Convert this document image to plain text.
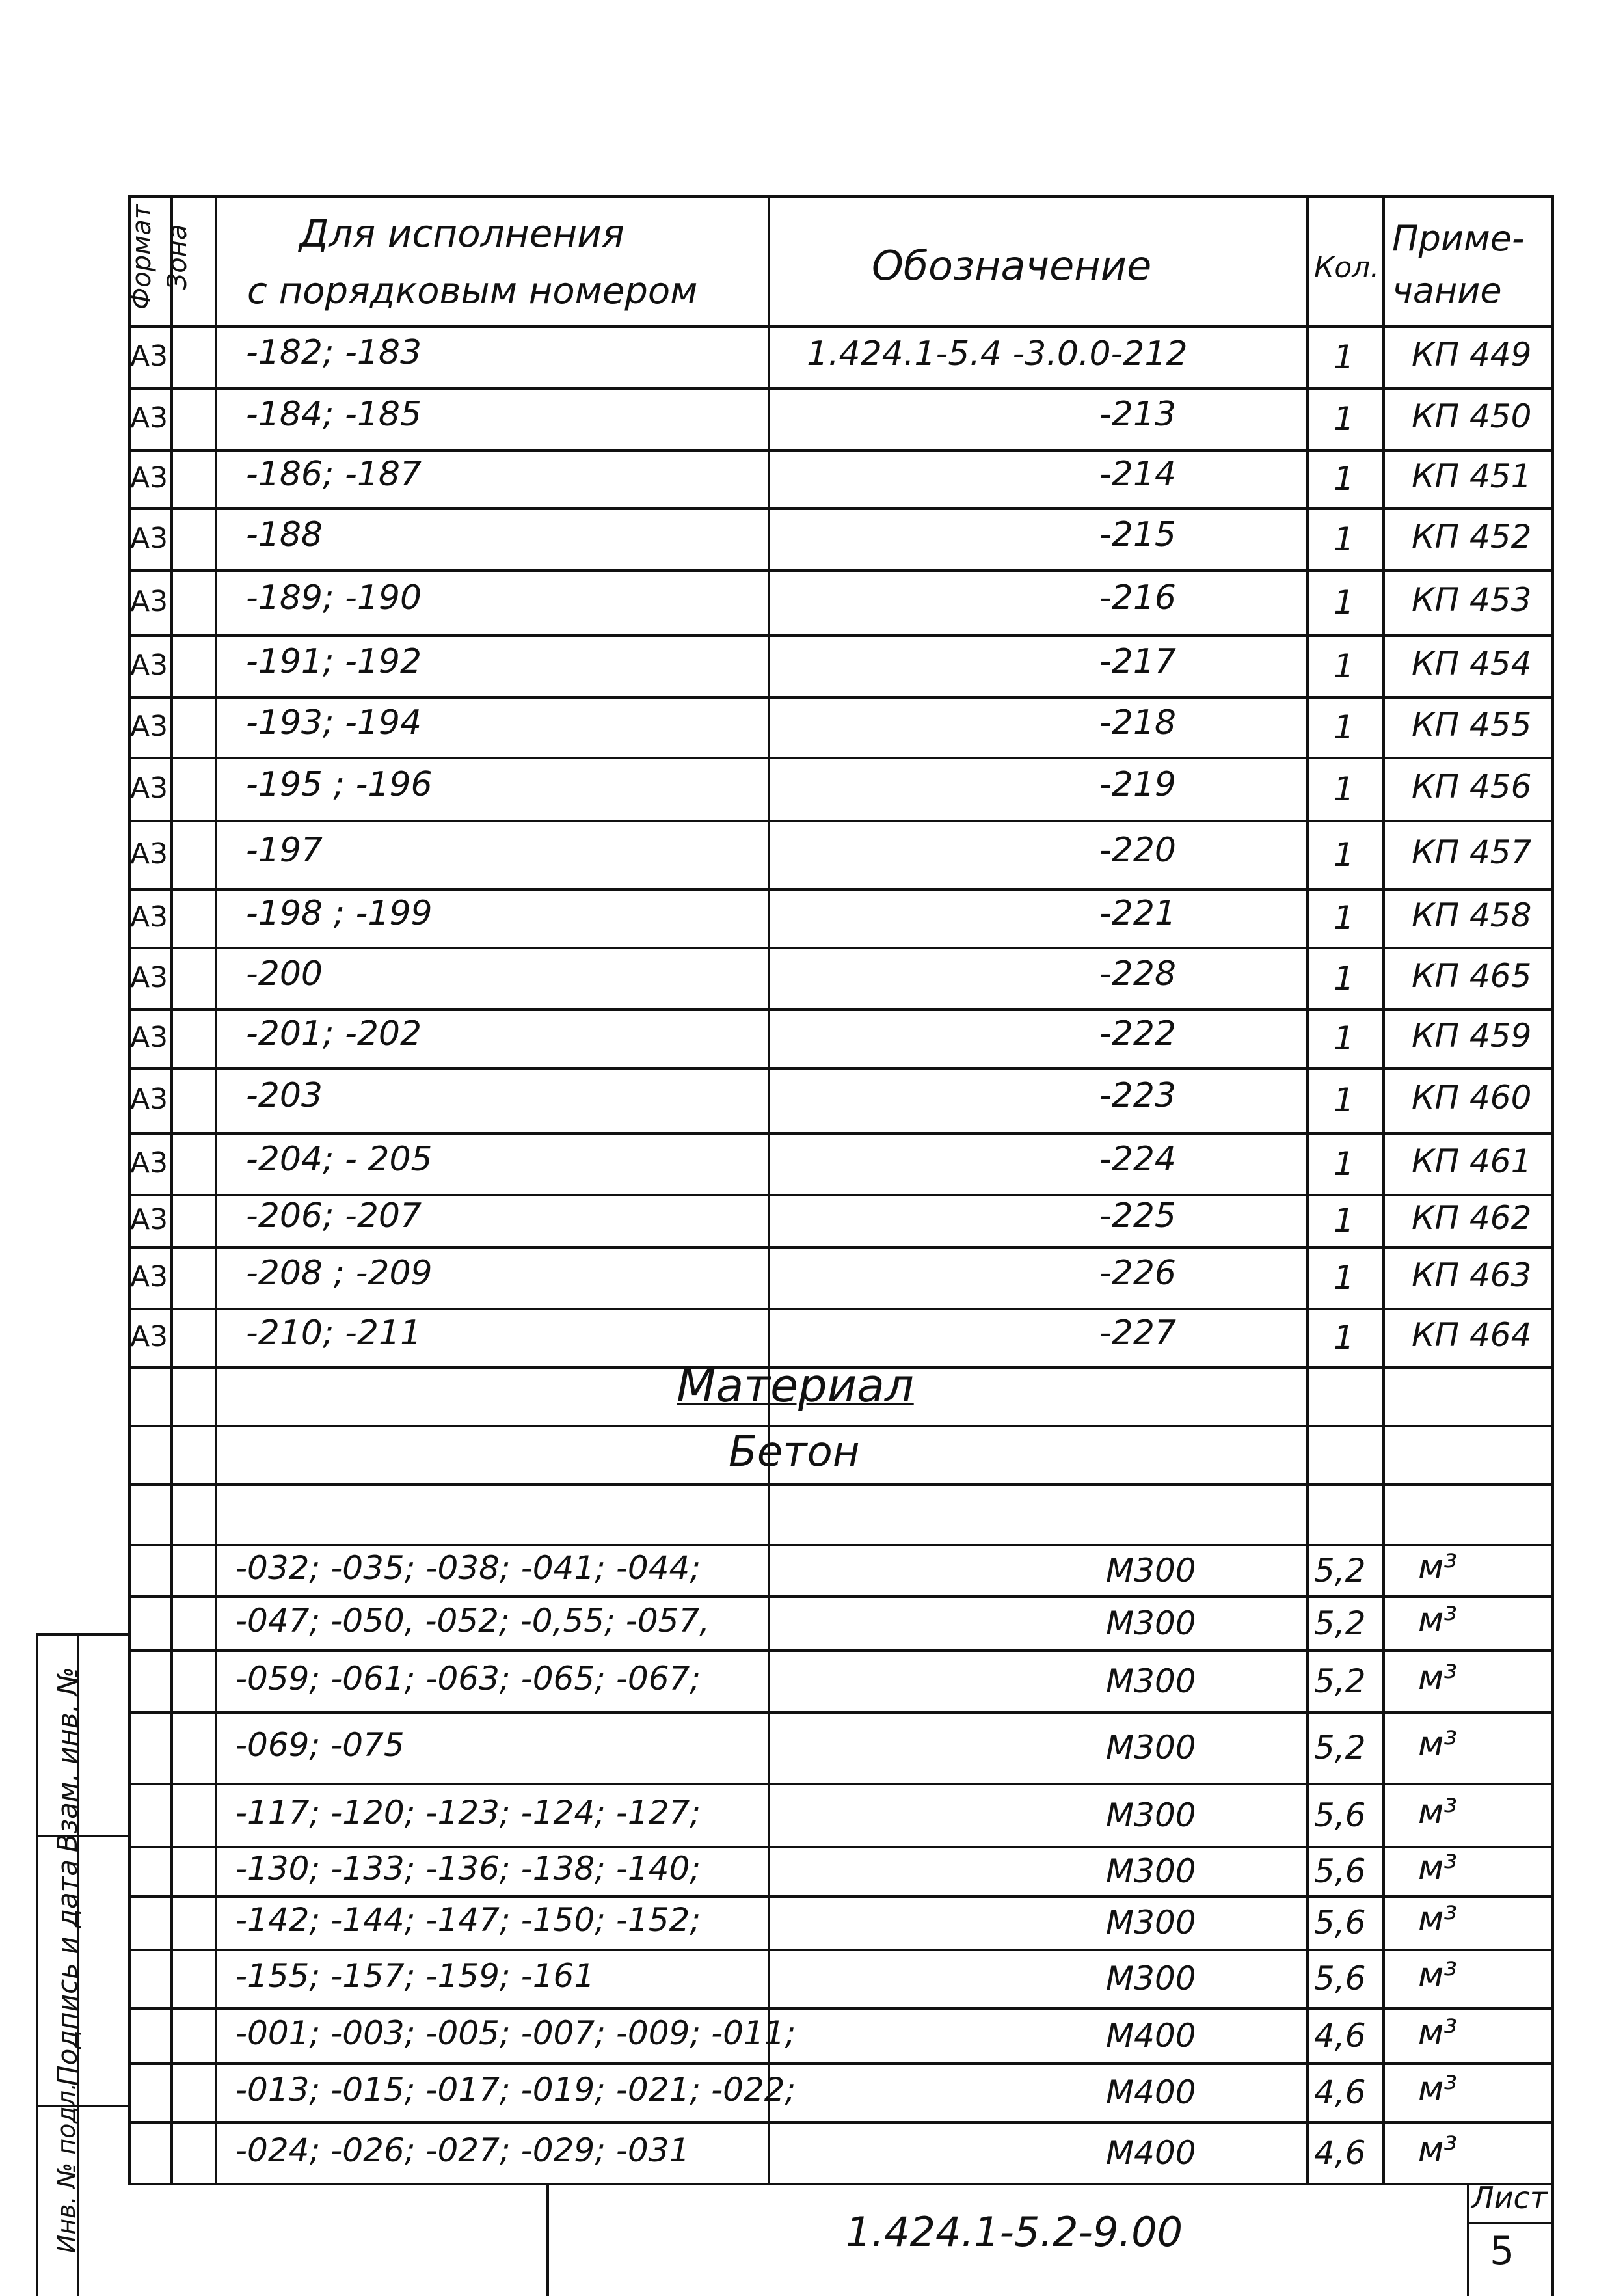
Формат Зона	Для исполнения
с порядковым номером
Обозначение	Кол.
Приме-
чание
А3 -182; -183	1.424.1-5.4 -3.0.0-212	1 КП 449
А3 -184; -185	-213	1 КП 450
А3 -186; -187	-214	1 КП 451
А3 -188	-215	1 КП 452
А3 -189; -190	-216	1 КП 453
А3 -191; -192	-217	1 КП 454
А3 -193; -194	-218	1 КП 455
А3 -195 ; -196	-219	1 КП 456
А3 -197	-220	1 КП 457
А3 -198 ; -199	-221	1 КП 458
А3 -200	-228	1 КП 465
А3 -201; -202	-222	1 КП 459
А3 -203	-223	1 КП 460
А3 -204; - 205	-224	1 КП 461
А3 -206; -207	-225	1 КП 462
А3 -208 ; -209	-226	1 КП 463
А3 -210; -211	-227	1 КП 464
Материал
Бетон
-032; -035; -038; -041; -044;	М300	5,2 м³
-047; -050, -052; -0,55; -057,	М300	5,2 м³
-059; -061; -063; -065; -067;	М300	5,2 м³
-069; -075	М300	5,2 м³
-117; -120; -123; -124; -127;	М300	5,6 м³
-130; -133; -136; -138; -140;	М300	5,6 м³
-142; -144; -147; -150; -152;	М300	5,6 м³
-155; -157; -159; -161	М300	5,6 м³
-001; -003; -005; -007; -009; -011;	М400	4,6 м³
-013; -015; -017; -019; -021; -022;	М400	4,6 м³
-024; -026; -027; -029; -031	М400	4,6 м³
Взам. инв. №
Подпись и дата
Инв. № подл.	1.424.1-5.2-9.00
Лист
5
